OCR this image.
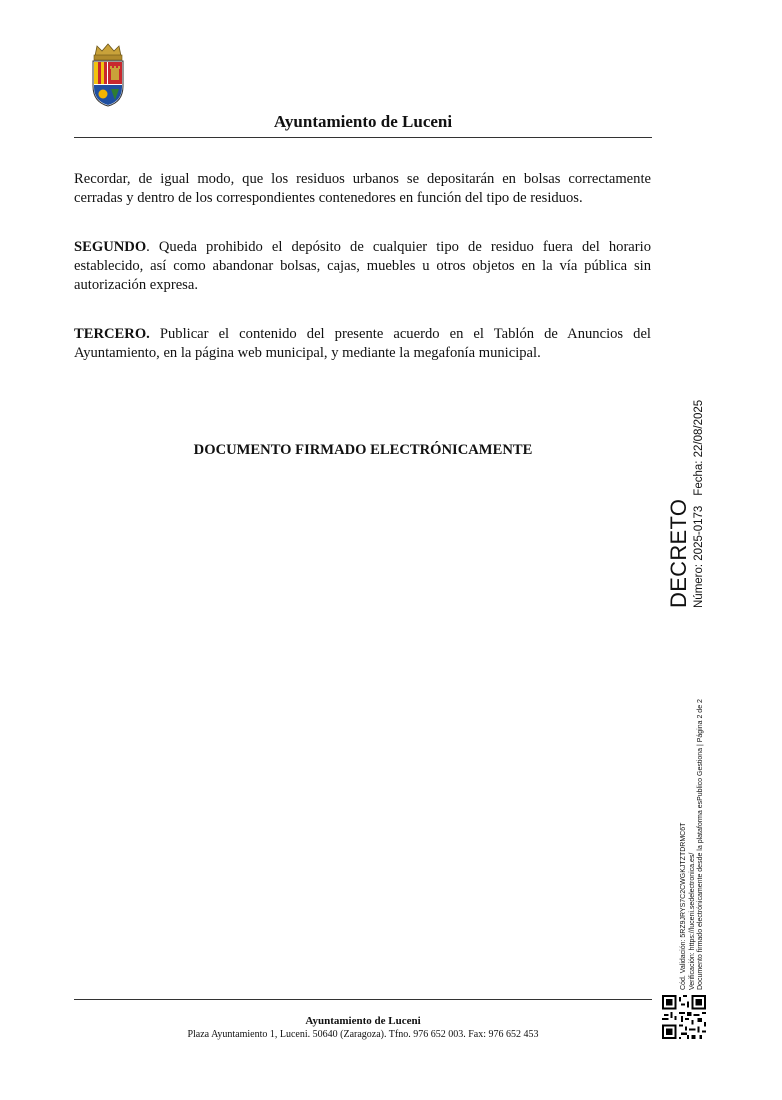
Ayuntamiento de Luceni

Recordar, de igual modo, que los residuos urbanos se depositarán en bolsas correctamente cerradas y dentro de los correspondientes contenedores en función del tipo de residuos.

SEGUNDO. Queda prohibido el depósito de cualquier tipo de residuo fuera del horario establecido, así como abandonar bolsas, cajas, muebles u otros objetos en la vía pública sin autorización expresa.

TERCERO. Publicar el contenido del presente acuerdo en el Tablón de Anuncios del Ayuntamiento, en la página web municipal, y mediante la megafonía municipal.

DOCUMENTO FIRMADO ELECTRÓNICAMENTE
DECRETO Número: 2025-0173Fecha: 22/08/2025
Cód. Validación: 5RZ9JRYS7C2CWGKJTZTDRMC6T Verificación: https://luceni.sedelectronica.es/ Documento firmado electrónicamente desde la plataforma esPublico Gestiona | Página 2 de 2
Ayuntamiento de Luceni
Plaza Ayuntamiento 1, Luceni. 50640 (Zaragoza). Tfno. 976 652 003. Fax: 976 652 453
